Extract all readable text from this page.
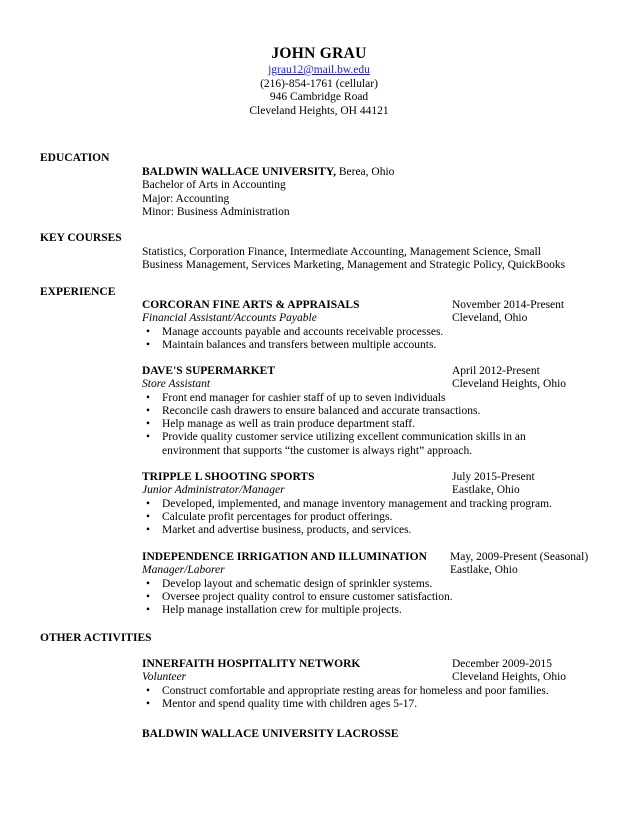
JOHN GRAU
jgrau12@mail.bw.edu
(216)-854-1761 (cellular)
946 Cambridge Road
Cleveland Heights, OH 44121
EDUCATION
BALDWIN WALLACE UNIVERSITY, Berea, Ohio
Bachelor of Arts in Accounting
Major: Accounting
Minor: Business Administration
KEY COURSES
Statistics, Corporation Finance, Intermediate Accounting, Management Science, Small
Business Management, Services Marketing, Management and Strategic Policy, QuickBooks
EXPERIENCE
CORCORAN FINE ARTS & APPRAISALS	November 2014-Present
Financial Assistant/Accounts Payable	Cleveland, Ohio
• Manage accounts payable and accounts receivable processes.
• Maintain balances and transfers between multiple accounts.
DAVE'S SUPERMARKET	April 2012-Present
Store Assistant	Cleveland Heights, Ohio
• Front end manager for cashier staff of up to seven individuals
• Reconcile cash drawers to ensure balanced and accurate transactions.
• Help manage as well as train produce department staff.
• Provide quality customer service utilizing excellent communication skills in an environment that supports “the customer is always right” approach.
TRIPPLE L SHOOTING SPORTS	July 2015-Present
Junior Administrator/Manager	Eastlake, Ohio
• Developed, implemented, and manage inventory management and tracking program.
• Calculate profit percentages for product offerings.
• Market and advertise business, products, and services.
INDEPENDENCE IRRIGATION AND ILLUMINATION May, 2009-Present (Seasonal)
Manager/Laborer	Eastlake, Ohio
• Develop layout and schematic design of sprinkler systems.
• Oversee project quality control to ensure customer satisfaction.
• Help manage installation crew for multiple projects.
OTHER ACTIVITIES
INNERFAITH HOSPITALITY NETWORK	December 2009-2015
Volunteer	Cleveland Heights, Ohio
• Construct comfortable and appropriate resting areas for homeless and poor families.
• Mentor and spend quality time with children ages 5-17.
BALDWIN WALLACE UNIVERSITY LACROSSE
